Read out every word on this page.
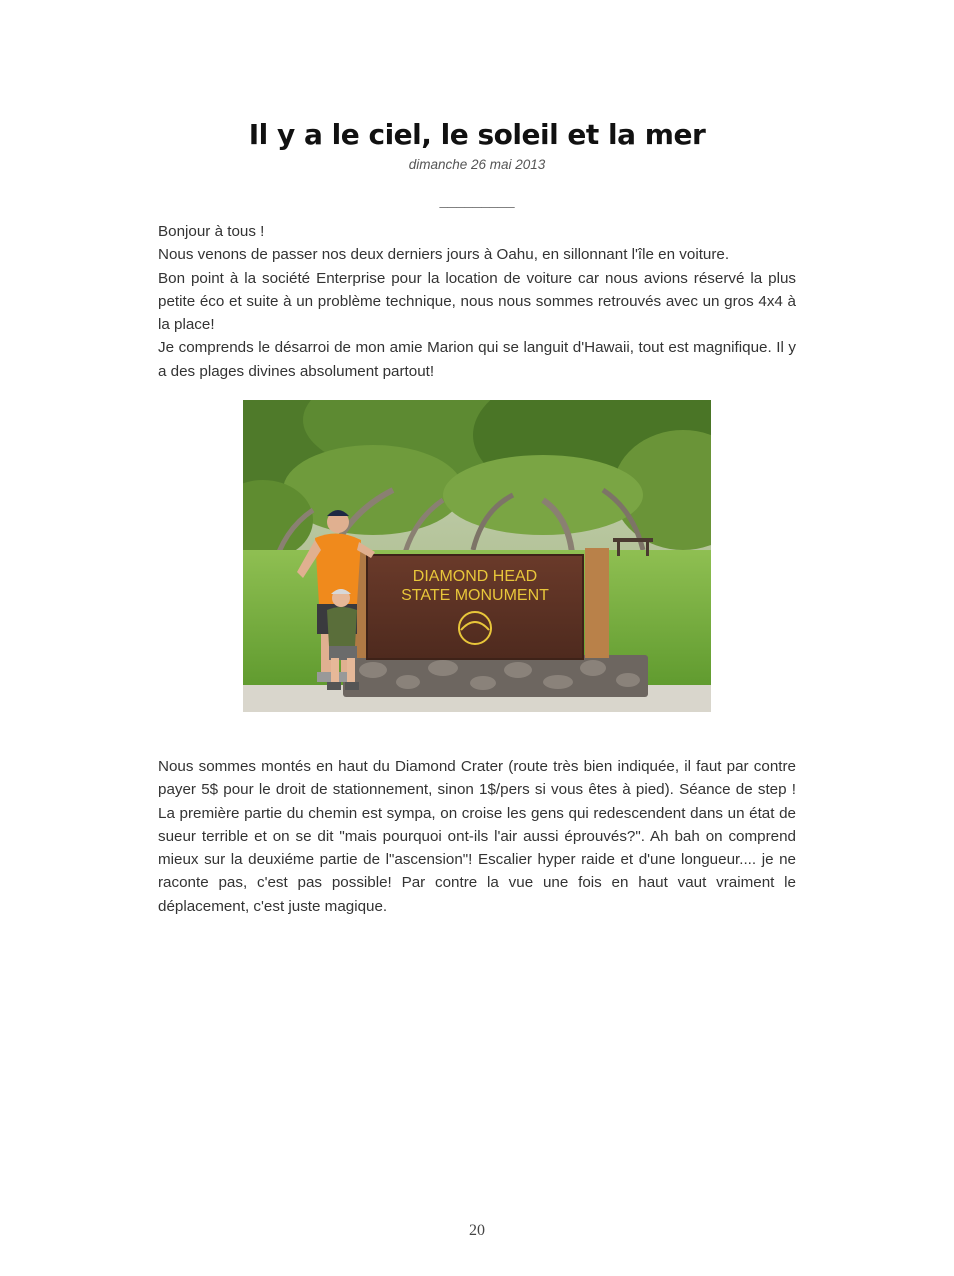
Il y a le ciel, le soleil et la mer
dimanche 26 mai 2013
_________

Bonjour à tous !

Nous venons de passer nos deux derniers jours à Oahu, en sillonnant l'île en voiture.

Bon point à la société Enterprise pour la location de voiture car nous avions réservé la plus petite éco et suite à un problème technique, nous nous sommes retrouvés avec un gros 4x4 à la place!

Je comprends le désarroi de mon amie Marion qui se languit d'Hawaii, tout est magnifique. Il y a des plages divines absolument partout!

DIAMOND HEAD
STATE MONUMENT

Nous sommes montés en haut du Diamond Crater (route très bien indiquée, il faut par contre payer 5$ pour le droit de stationnement, sinon 1$/pers si vous êtes à pied). Séance de step ! La première partie du chemin est sympa, on croise les gens qui redescendent dans un état de sueur terrible et on se dit "mais pourquoi ont-ils l'air aussi éprouvés?". Ah bah on comprend mieux sur la deuxiéme partie de l"ascension"! Escalier hyper raide et d'une longueur.... je ne raconte pas, c'est pas possible! Par contre la vue une fois en haut vaut vraiment le déplacement, c'est juste magique.

20
